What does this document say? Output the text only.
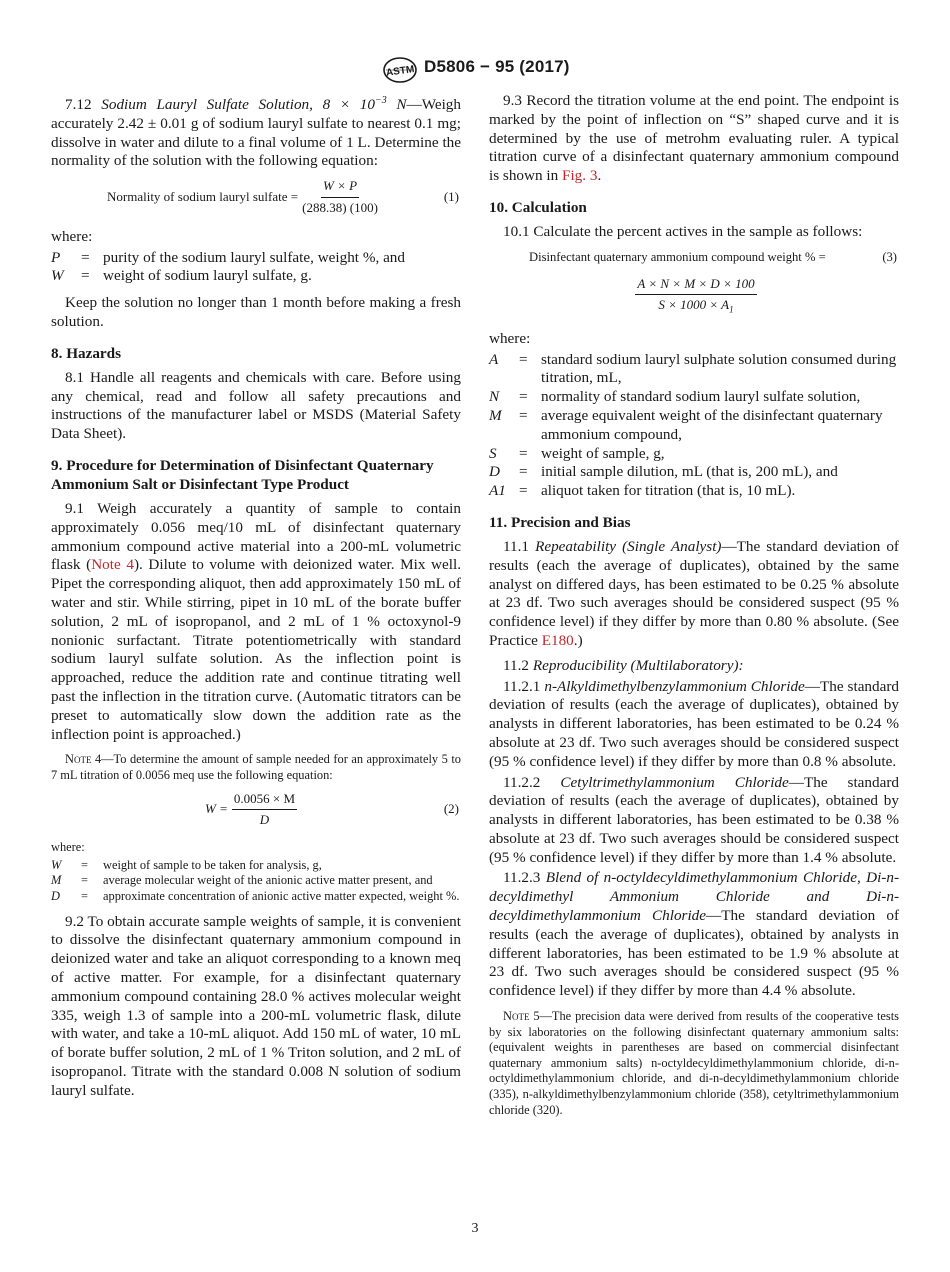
ASTM D5806 − 95 (2017)

7.12 Sodium Lauryl Sulfate Solution, $8 \times 10^{-3}$ N—Weigh accurately 2.42 ± 0.01 g of sodium lauryl sulfate to nearest 0.1 mg; dissolve in water and dilute to a final volume of 1 L. Determine the normality of the solution with the following equation:

Normality of sodium lauryl sulfate = $\frac{W \times P}{(288.38) (100)}$	(1)

where:

P	= purity of the sodium lauryl sulfate, weight %, and
W	= weight of sodium lauryl sulfate, g.

Keep the solution no longer than 1 month before making a fresh solution.

8. Hazards

8.1 Handle all reagents and chemicals with care. Before using any chemical, read and follow all safety precautions and instructions of the manufacturer label or MSDS (Material Safety Data Sheet).

9. Procedure for Determination of Disinfectant Quaternary Ammonium Salt or Disinfectant Type Product

9.1 Weigh accurately a quantity of sample to contain approximately 0.056 meq/10 mL of disinfectant quaternary ammonium compound active material into a 200-mL volumetric flask (Note 4). Dilute to volume with deionized water. Mix well. Pipet the corresponding aliquot, then add approximately 150 mL of water and stir. While stirring, pipet in 10 mL of the borate buffer solution, 2 mL of isopropanol, and 2 mL of 1 % octoxynol-9 nonionic surfactant. Titrate potentiometrically with standard sodium lauryl sulfate solution. As the inflection point is approached, reduce the addition rate and continue titrating well past the inflection in the titration curve. (Automatic titrators can be preset to automatically slow down the addition rate as the inflection point is approached.)

Note 4—To determine the amount of sample needed for an approximately 5 to 7 mL titration of 0.0056 meq use the following equation:
$W = \frac{0.0056 \times M}{D}$	(2)
where:
W	=	weight of sample to be taken for analysis, g,
M	=	average molecular weight of the anionic active matter present, and
D	=	approximate concentration of anionic active matter expected, weight %.

9.2 To obtain accurate sample weights of sample, it is convenient to dissolve the disinfectant quaternary ammonium compound in deionized water and take an aliquot corresponding to a known meq of active matter. For example, for a disinfectant quaternary ammonium compound containing 28.0 % actives molecular weight 335, weigh 1.3 of sample into a 200-mL volumetric flask, dilute with water, and take a 10-mL aliquot. Add 150 mL of water, 10 mL of borate buffer solution, 2 mL of 1 % Triton solution, and 2 mL of isopropanol. Titrate with the standard 0.008 N solution of sodium lauryl sulfate.

9.3 Record the titration volume at the end point. The endpoint is marked by the point of inflection on “S” shaped curve and it is determined by the use of metrohm evaluating ruler. A typical titration curve of a disinfectant quaternary ammonium compound is shown in Fig. 3.

10. Calculation

10.1 Calculate the percent actives in the sample as follows:

Disinfectant quaternary ammonium compound weight % =	(3)
$\frac{A \times N \times M \times D \times 100}{S \times 1000 \times A_1}$

where:

A	= standard sodium lauryl sulphate solution consumed during titration, mL,
N	= normality of standard sodium lauryl sulfate solution,
M	= average equivalent weight of the disinfectant quaternary ammonium compound,
S	= weight of sample, g,
D	= initial sample dilution, mL (that is, 200 mL), and
A1 = aliquot taken for titration (that is, 10 mL).
11. Precision and Bias

11.1 Repeatability (Single Analyst)—The standard deviation of results (each the average of duplicates), obtained by the same analyst on differed days, has been estimated to be 0.25 % absolute at 23 df. Two such averages should be considered suspect (95 % confidence level) if they differ by more than 0.80 % absolute. (See Practice E180.)

11.2 Reproducibility (Multilaboratory):

11.2.1 n-Alkyldimethylbenzylammonium Chloride—The standard deviation of results (each the average of duplicates), obtained by analysts in different laboratories, has been estimated to be 0.24 % absolute at 23 df. Two such averages should be considered suspect (95 % confidence level) if they differ by more than 0.8 % absolute.

11.2.2 Cetyltrimethylammonium Chloride—The standard deviation of results (each the average of duplicates), obtained by analysts in different laboratories, has been estimated to be 0.38 % absolute at 23 df. Two such averages should be considered suspect (95 % confidence level) if they differ by more than 1.4 % absolute.

11.2.3 Blend of n-octyldecyldimethylammonium Chloride, Di-n-decyldimethyl Ammonium Chloride and Di-n-decyldimethylammonium Chloride—The standard deviation of results (each the average of duplicates), obtained by analysts in different laboratories, has been estimated to be 1.9 % absolute at 23 df. Two such averages should be considered suspect (95 % confidence level) if they differ by more than 4.4 % absolute.

Note 5—The precision data were derived from results of the cooperative tests by six laboratories on the following disinfectant quaternary ammonium salts: (equivalent weights in parentheses are based on commercial disinfectant quaternary ammonium salts) n-octyldecyldimethylammonium chloride, di-n-octyldimethylammonium chloride, and di-n-decyldimethylammonium chloride (335), n-alkyldimethylbenzylammonium chloride (358), cetyltrimethylammonium chloride (320).
3
